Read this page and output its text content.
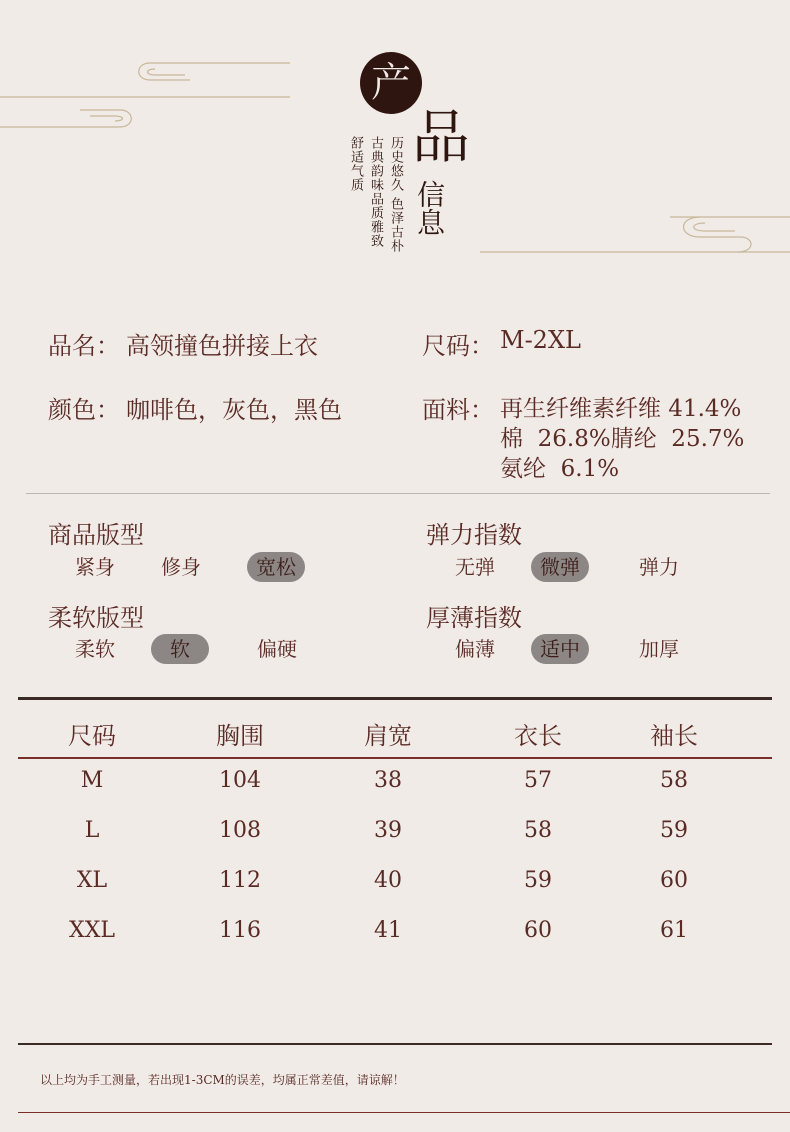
产
品
信息
历史悠久 色泽古朴
古典韵味品质雅致
舒适气质
品名： 高领撞色拼接上衣	尺码： M-2XL
颜色： 咖啡色，灰色，黑色	面料： 再生纤维素纤维 41.4%
棉  26.8%腈纶  25.7%
氨纶  6.1%
商品版型
紧身	修身	宽松
弹力指数
无弹	微弹	弹力
柔软版型
柔软	软	偏硬
厚薄指数
偏薄	适中	加厚
尺码	胸围	肩宽	衣长	袖长
M	104	38	57	58
L	108	39	58	59
XL	112	40	59	60
XXL	116	41	60	61
以上均为手工测量，若出现1-3CM的误差，均属正常差值，请谅解！
